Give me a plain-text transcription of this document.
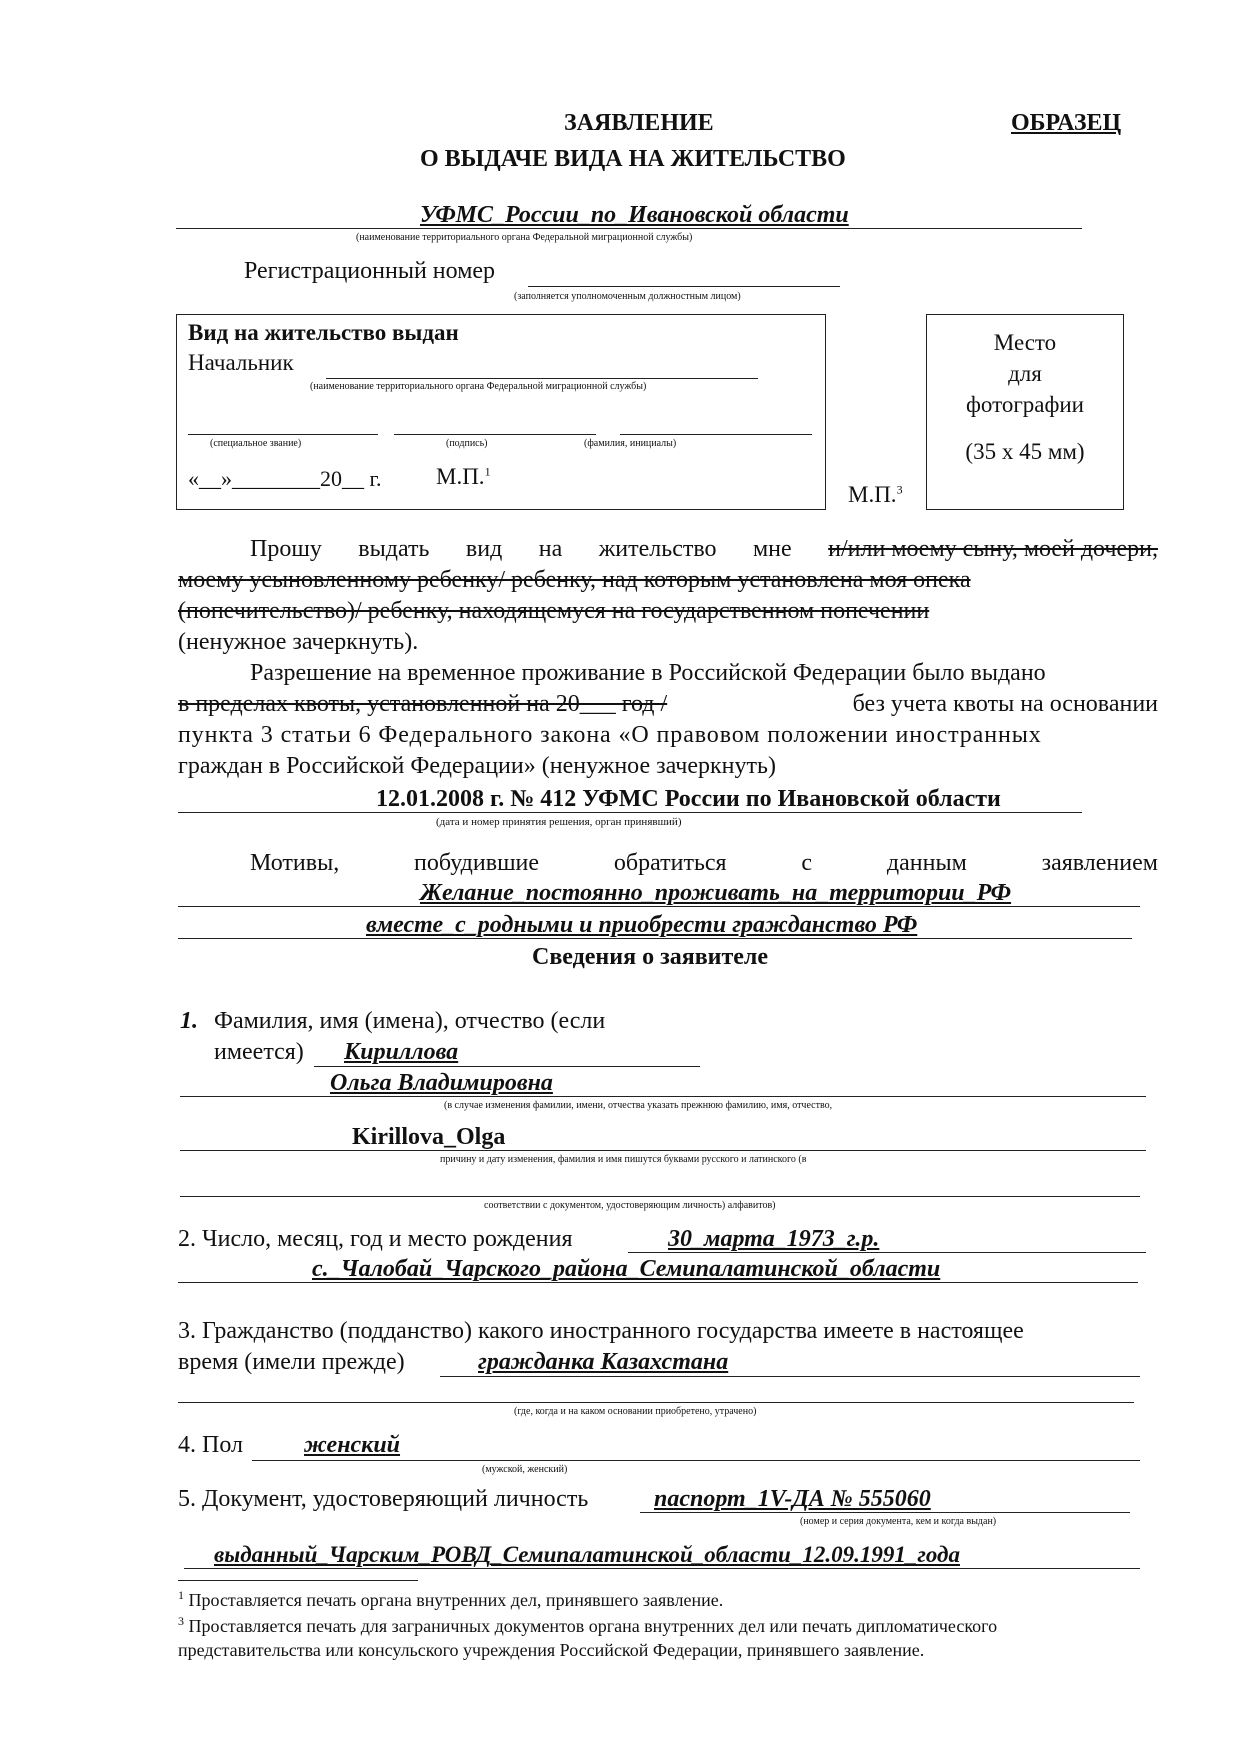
ЗАЯВЛЕНИЕ	ОБРАЗЕЦ
О ВЫДАЧЕ ВИДА НА ЖИТЕЛЬСТВО
УФМС_России_по_Ивановской области
(наименование территориального органа Федеральной миграционной службы)
Регистрационный номер
(заполняется уполномоченным должностным лицом)
Вид на жительство выдан
Начальник
(наименование территориального органа Федеральной миграционной службы)
(специальное звание)	(подпись)	(фамилия, инициалы)
«__»________20__ г. М.П.$^1$
М.П.$^3$
Место
для
фотографии
(35 x 45 мм)
Прошу выдать вид на жительство мне и/или моему сыну, моей дочери,
моему усыновленному ребенку/ ребенку, над которым установлена моя опека
(попечительство)/ ребенку, находящемуся на государственном попечении
(ненужное зачеркнуть).
Разрешение на временное проживание в Российской Федерации было выдано
в пределах квоты, установленной на 20___ год /	без учета квоты на основании
пункта 3 статьи 6 Федерального закона «О правовом положении иностранных
граждан в Российской Федерации» (ненужное зачеркнуть)
12.01.2008 г. № 412 УФМС России по Ивановской области
(дата и номер принятия решения, орган принявший)
Мотивы,	побудившие	обратиться	с	данным	заявлением
Желание_постоянно_проживать_на_территории_РФ
вместе_с_родными и приобрести гражданство РФ
Сведения о заявителе
1. Фамилия, имя (имена), отчество (если
имеется) Кириллова
Ольга Владимировна
(в случае изменения фамилии, имени, отчества указать прежнюю фамилию, имя, отчество,
Kirillova_Olga
причину и дату изменения, фамилия и имя пишутся буквами русского и латинского (в
соответствии с документом, удостоверяющим личность) алфавитов)
2. Число, месяц, год и место рождения	30_марта_1973_г.р.
с._Чалобай_Чарского_района_Семипалатинской_области
3. Гражданство (подданство) какого иностранного государства имеете в настоящее
время (имели прежде)	гражданка Казахстана
(где, когда и на каком основании приобретено, утрачено)
4. Пол	женский
(мужской, женский)
5. Документ, удостоверяющий личность	паспорт_1V-ДА № 555060
(номер и серия документа, кем и когда выдан)
выданный_Чарским_РОВД_Семипалатинской_области_12.09.1991_года
$^1$ Проставляется печать органа внутренних дел, принявшего заявление.
$^3$ Проставляется печать для заграничных документов органа внутренних дел или печать дипломатического
представительства или консульского учреждения Российской Федерации, принявшего заявление.
